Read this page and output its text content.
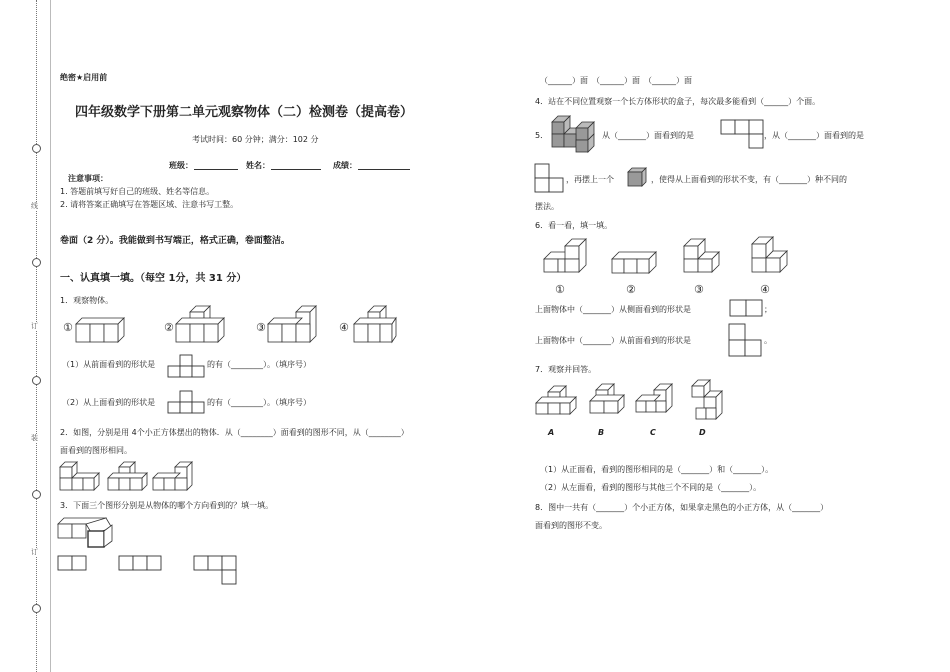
线
订
装
订
绝密★启用前
四年级数学下册第二单元观察物体（二）检测卷（提高卷）
考试时间：60 分钟；满分：102 分
班级：	姓名：	成绩：
注意事项：
1. 答题前填写好自己的班级、姓名等信息。
2. 请将答案正确填写在答题区域、注意书写工整。
卷面（2 分）。我能做到书写端正，格式正确，卷面整洁。
一、认真填一填。（每空 1分，共 31 分）
1．观察物体。
①	②	③	④
（1）从前面看到的形状是	的有（________）。（填序号）
（2）从上面看到的形状是	的有（________）。（填序号）
2．如图，分别是用 4个小正方体摆出的物体．从（________）面看到的图形不同，从（________）
面看到的图形相同。
3．下面三个图形分别是从物体的哪个方向看到的？填一填。
（______）面　（______）面　（______）面
4．站在不同位置观察一个长方体形状的盒子，每次最多能看到（______）个面。
5．	从（_______）面看到的是	，从（_______）面看到的是
，再摆上一个	，使得从上面看到的形状不变，有（_______）种不同的
摆法。
6．看一看，填一填。
①	②	③	④
上面物体中（_______）从侧面看到的形状是	；
上面物体中（_______）从前面看到的形状是	。
7．观察并回答。
A	B	C	D
（1）从正面看，看到的图形相同的是（_______）和（_______）。
（2）从左面看，看到的图形与其他三个不同的是（_______）。
8．图中一共有（_______）个小正方体，如果拿走黑色的小正方体，从（_______）
面看到的图形不变。
